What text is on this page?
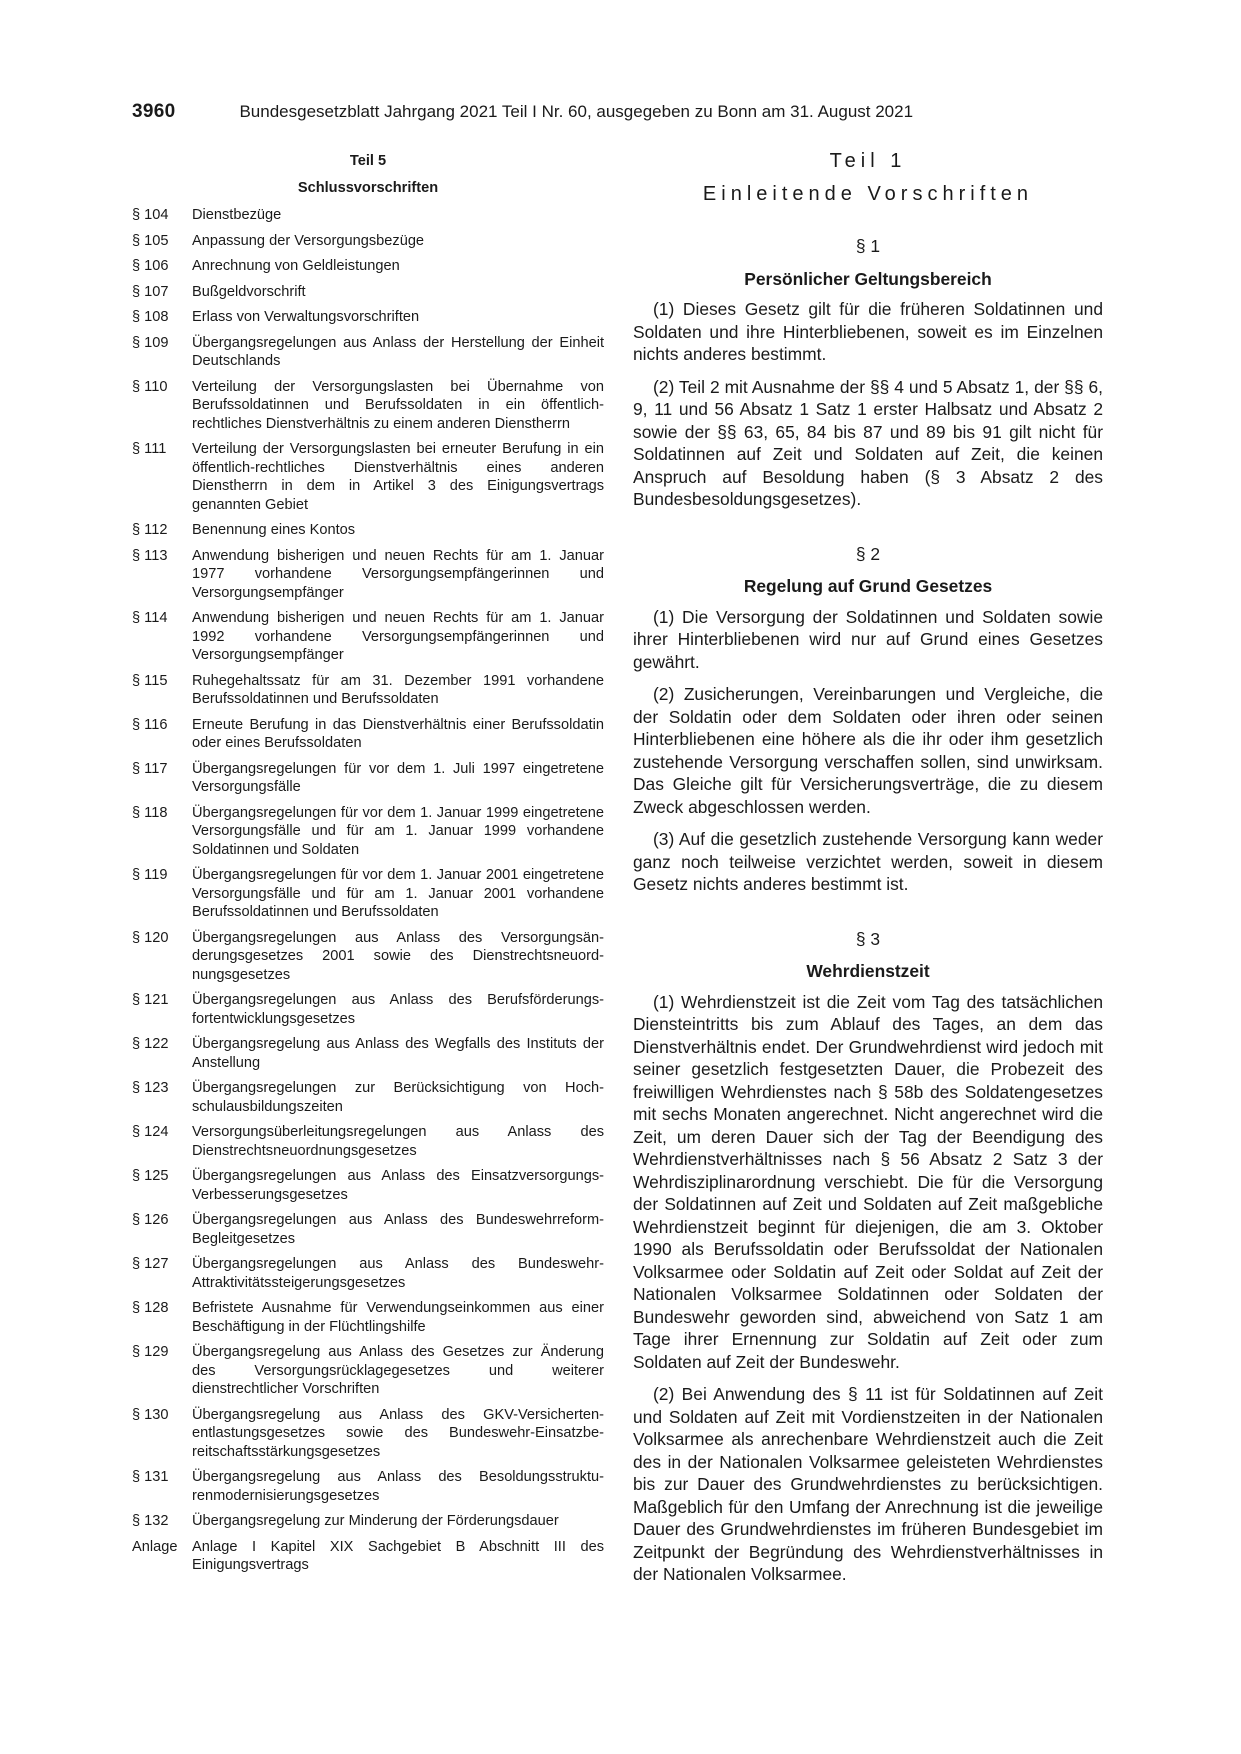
3960	Bundesgesetzblatt Jahrgang 2021 Teil I Nr. 60, ausgegeben zu Bonn am 31. August 2021
Teil 5
Schlussvorschriften
§ 104	Dienstbezüge
§ 105	Anpassung der Versorgungsbezüge
§ 106	Anrechnung von Geldleistungen
§ 107	Bußgeldvorschrift
§ 108	Erlass von Verwaltungsvorschriften
§ 109	Übergangsregelungen aus Anlass der Herstellung der Einheit Deutschlands
§ 110	Verteilung der Versorgungslasten bei Übernahme von Berufssoldatinnen und Berufssoldaten in ein öffentlich-rechtliches Dienstverhältnis zu einem anderen Dienstherrn
§ 111	Verteilung der Versorgungslasten bei erneuter Berufung in ein öffentlich-rechtliches Dienstverhältnis eines anderen Dienstherrn in dem in Artikel 3 des Einigungsvertrags genannten Gebiet
§ 112	Benennung eines Kontos
§ 113	Anwendung bisherigen und neuen Rechts für am 1. Januar 1977 vorhandene Versorgungsempfängerinnen und Versorgungsempfänger
§ 114	Anwendung bisherigen und neuen Rechts für am 1. Januar 1992 vorhandene Versorgungsempfängerinnen und Versorgungsempfänger
§ 115	Ruhegehaltssatz für am 31. Dezember 1991 vorhandene Berufssoldatinnen und Berufssoldaten
§ 116	Erneute Berufung in das Dienstverhältnis einer Berufssoldatin oder eines Berufssoldaten
§ 117	Übergangsregelungen für vor dem 1. Juli 1997 eingetretene Versorgungsfälle
§ 118	Übergangsregelungen für vor dem 1. Januar 1999 eingetretene Versorgungsfälle und für am 1. Januar 1999 vorhandene Soldatinnen und Soldaten
§ 119	Übergangsregelungen für vor dem 1. Januar 2001 eingetretene Versorgungsfälle und für am 1. Januar 2001 vorhandene Berufssoldatinnen und Berufssoldaten
§ 120	Übergangsregelungen aus Anlass des Versorgungsänderungsgesetzes 2001 sowie des Dienstrechtsneuordnungsgesetzes
§ 121	Übergangsregelungen aus Anlass des Berufsförderungsfortentwicklungsgesetzes
§ 122	Übergangsregelung aus Anlass des Wegfalls des Instituts der Anstellung
§ 123	Übergangsregelungen zur Berücksichtigung von Hochschulausbildungszeiten
§ 124	Versorgungsüberleitungsregelungen aus Anlass des Dienstrechtsneuordnungsgesetzes
§ 125	Übergangsregelungen aus Anlass des Einsatzversorgungs-Verbesserungsgesetzes
§ 126	Übergangsregelungen aus Anlass des Bundeswehrreform-Begleitgesetzes
§ 127	Übergangsregelungen aus Anlass des Bundeswehr-Attraktivitätssteigerungsgesetzes
§ 128	Befristete Ausnahme für Verwendungseinkommen aus einer Beschäftigung in der Flüchtlingshilfe
§ 129	Übergangsregelung aus Anlass des Gesetzes zur Änderung des Versorgungsrücklagegesetzes und weiterer dienstrechtlicher Vorschriften
§ 130	Übergangsregelung aus Anlass des GKV-Versichertenentlastungsgesetzes sowie des Bundeswehr-Einsatzbereitschaftsstärkungsgesetzes
§ 131	Übergangsregelung aus Anlass des Besoldungsstrukturenmodernisierungsgesetzes
§ 132	Übergangsregelung zur Minderung der Förderungsdauer
Anlage Anlage I Kapitel XIX Sachgebiet B Abschnitt III des Einigungsvertrags
Teil 1
Einleitende Vorschriften
§ 1
Persönlicher Geltungsbereich

(1) Dieses Gesetz gilt für die früheren Soldatinnen und Soldaten und ihre Hinterbliebenen, soweit es im Einzelnen nichts anderes bestimmt.

(2) Teil 2 mit Ausnahme der §§ 4 und 5 Absatz 1, der §§ 6, 9, 11 und 56 Absatz 1 Satz 1 erster Halbsatz und Absatz 2 sowie der §§ 63, 65, 84 bis 87 und 89 bis 91 gilt nicht für Soldatinnen auf Zeit und Soldaten auf Zeit, die keinen Anspruch auf Besoldung haben (§ 3 Absatz 2 des Bundesbesoldungsgesetzes).

§ 2
Regelung auf Grund Gesetzes

(1) Die Versorgung der Soldatinnen und Soldaten sowie ihrer Hinterbliebenen wird nur auf Grund eines Gesetzes gewährt.

(2) Zusicherungen, Vereinbarungen und Vergleiche, die der Soldatin oder dem Soldaten oder ihren oder seinen Hinterbliebenen eine höhere als die ihr oder ihm gesetzlich zustehende Versorgung verschaffen sollen, sind unwirksam. Das Gleiche gilt für Versicherungsverträge, die zu diesem Zweck abgeschlossen werden.

(3) Auf die gesetzlich zustehende Versorgung kann weder ganz noch teilweise verzichtet werden, soweit in diesem Gesetz nichts anderes bestimmt ist.

§ 3
Wehrdienstzeit

(1) Wehrdienstzeit ist die Zeit vom Tag des tatsächlichen Diensteintritts bis zum Ablauf des Tages, an dem das Dienstverhältnis endet. Der Grundwehrdienst wird jedoch mit seiner gesetzlich festgesetzten Dauer, die Probezeit des freiwilligen Wehrdienstes nach § 58b des Soldatengesetzes mit sechs Monaten angerechnet. Nicht angerechnet wird die Zeit, um deren Dauer sich der Tag der Beendigung des Wehrdienstverhältnisses nach § 56 Absatz 2 Satz 3 der Wehrdisziplinarordnung verschiebt. Die für die Versorgung der Soldatinnen auf Zeit und Soldaten auf Zeit maßgebliche Wehrdienstzeit beginnt für diejenigen, die am 3. Oktober 1990 als Berufssoldatin oder Berufssoldat der Nationalen Volksarmee oder Soldatin auf Zeit oder Soldat auf Zeit der Nationalen Volksarmee Soldatinnen oder Soldaten der Bundeswehr geworden sind, abweichend von Satz 1 am Tage ihrer Ernennung zur Soldatin auf Zeit oder zum Soldaten auf Zeit der Bundeswehr.

(2) Bei Anwendung des § 11 ist für Soldatinnen auf Zeit und Soldaten auf Zeit mit Vordienstzeiten in der Nationalen Volksarmee als anrechenbare Wehrdienstzeit auch die Zeit des in der Nationalen Volksarmee geleisteten Wehrdienstes bis zur Dauer des Grundwehrdienstes zu berücksichtigen. Maßgeblich für den Umfang der Anrechnung ist die jeweilige Dauer des Grundwehrdienstes im früheren Bundesgebiet im Zeitpunkt der Begründung des Wehrdienstverhältnisses in der Nationalen Volksarmee.
